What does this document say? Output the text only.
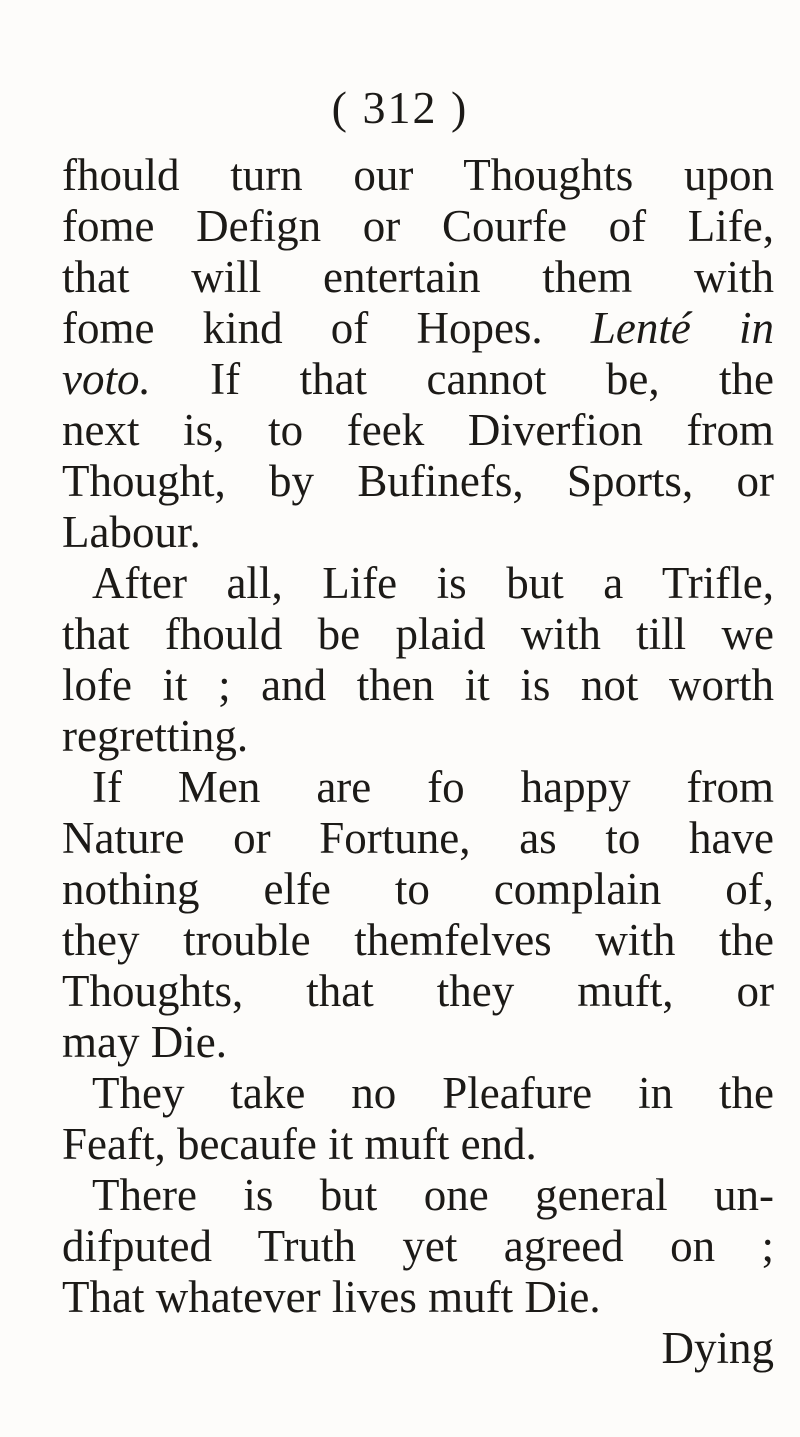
( 312 )
fhould turn our Thoughts upon
fome Defign or Courfe of Life,
that will entertain them with
fome kind of Hopes. Lenté in
voto. If that cannot be, the
next is, to feek Diverfion from
Thought, by Bufinefs, Sports, or
Labour.
After all, Life is but a Trifle,
that fhould be plaid with till we
lofe it ; and then it is not worth
regretting.
If Men are fo happy from
Nature or Fortune, as to have
nothing elfe to complain of,
they trouble themfelves with the
Thoughts, that they muft, or
may Die.
They take no Pleafure in the
Feaft, becaufe it muft end.
There is but one general un-
difputed Truth yet agreed on ;
That whatever lives muft Die.
Dying
